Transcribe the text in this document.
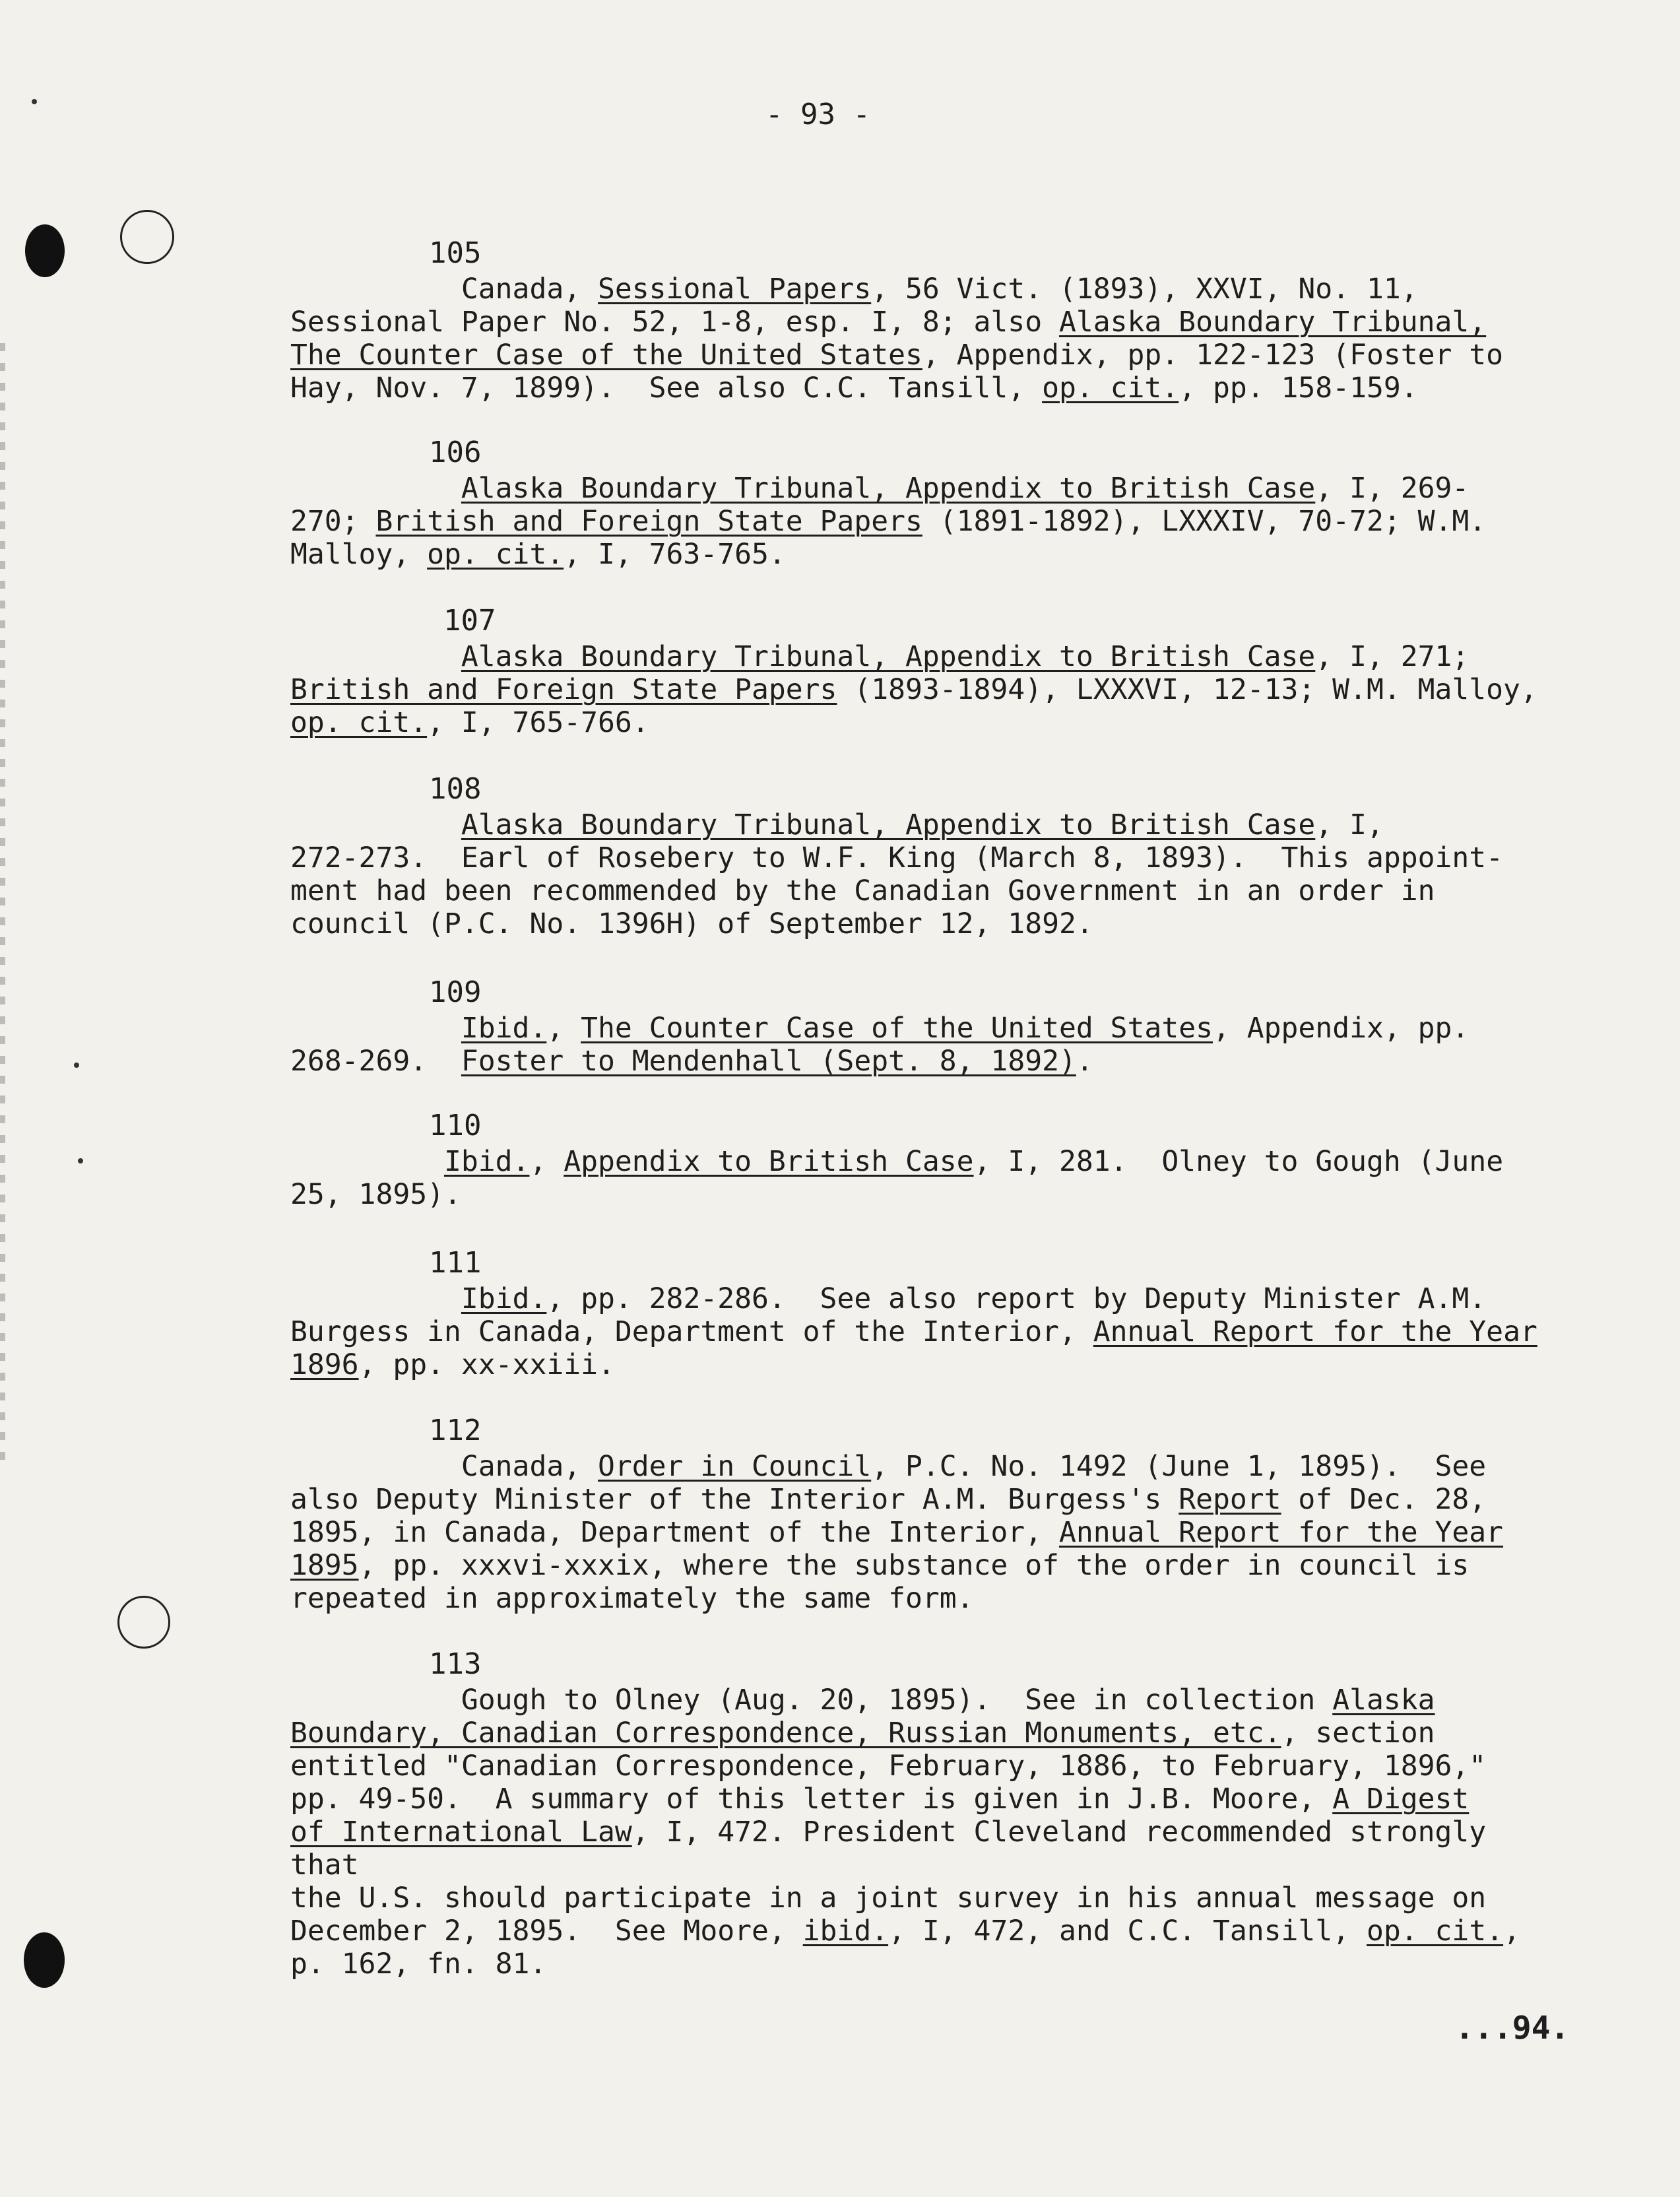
- 93 -
105

Canada, Sessional Papers, 56 Vict. (1893), XXVI, No. 11,
Sessional Paper No. 52, 1-8, esp. I, 8; also Alaska Boundary Tribunal,
The Counter Case of the United States, Appendix, pp. 122-123 (Foster to
Hay, Nov. 7, 1899).  See also C.C. Tansill, op. cit., pp. 158-159.

106

Alaska Boundary Tribunal, Appendix to British Case, I, 269-
270; British and Foreign State Papers (1891-1892), LXXXIV, 70-72; W.M.
Malloy, op. cit., I, 763-765.

107

Alaska Boundary Tribunal, Appendix to British Case, I, 271;
British and Foreign State Papers (1893-1894), LXXXVI, 12-13; W.M. Malloy,
op. cit., I, 765-766.

108

Alaska Boundary Tribunal, Appendix to British Case, I,
272-273.  Earl of Rosebery to W.F. King (March 8, 1893).  This appoint-
ment had been recommended by the Canadian Government in an order in
council (P.C. No. 1396H) of September 12, 1892.

109

Ibid., The Counter Case of the United States, Appendix, pp.
268-269.  Foster to Mendenhall (Sept. 8, 1892).

110

Ibid., Appendix to British Case, I, 281.  Olney to Gough (June
25, 1895).

111

Ibid., pp. 282-286.  See also report by Deputy Minister A.M.
Burgess in Canada, Department of the Interior, Annual Report for the Year
1896, pp. xx-xxiii.

112

Canada, Order in Council, P.C. No. 1492 (June 1, 1895).  See
also Deputy Minister of the Interior A.M. Burgess's Report of Dec. 28,
1895, in Canada, Department of the Interior, Annual Report for the Year
1895, pp. xxxvi-xxxix, where the substance of the order in council is
repeated in approximately the same form.

113

Gough to Olney (Aug. 20, 1895).  See in collection Alaska
Boundary, Canadian Correspondence, Russian Monuments, etc., section
entitled "Canadian Correspondence, February, 1886, to February, 1896,"
pp. 49-50.  A summary of this letter is given in J.B. Moore, A Digest
of International Law, I, 472. President Cleveland recommended strongly that
the U.S. should participate in a joint survey in his annual message on
December 2, 1895.  See Moore, ibid., I, 472, and C.C. Tansill, op. cit.,
p. 162, fn. 81.

...94.
